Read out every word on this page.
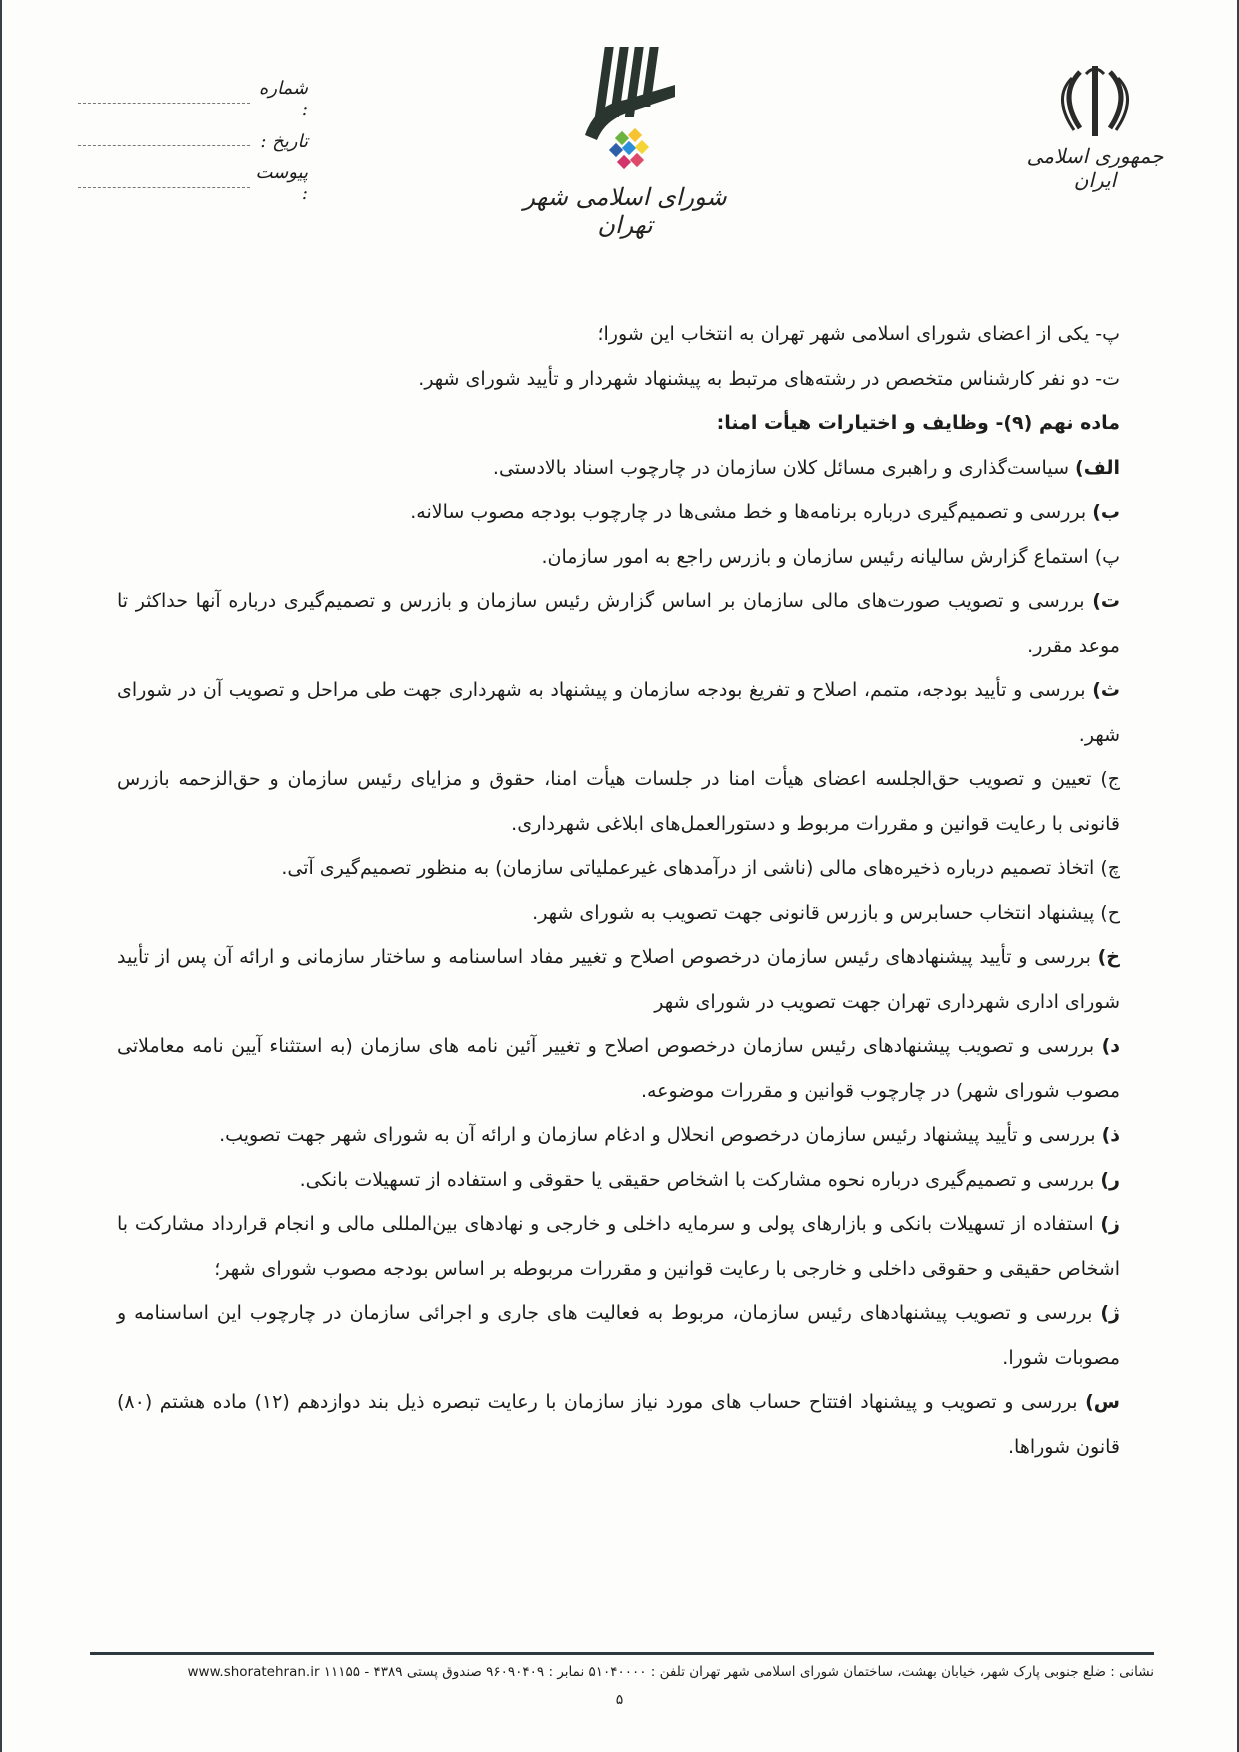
شماره :
تاریخ :
پیوست :	شورای اسلامی شهر تهران
جمهوری اسلامی ایران

پ- یکی از اعضای شورای اسلامی شهر تهران به انتخاب این شورا؛

ت- دو نفر کارشناس متخصص در رشته‌های مرتبط به پیشنهاد شهردار و تأیید شورای شهر.

ماده نهم (۹)- وظایف و اختیارات هیأت امنا:

الف) سیاست‌گذاری و راهبری مسائل کلان سازمان در چارچوب اسناد بالادستی.

ب) بررسی و تصمیم‌گیری درباره برنامه‌ها و خط مشی‌ها در چارچوب بودجه مصوب سالانه.

پ) استماع گزارش سالیانه رئیس سازمان و بازرس راجع به امور سازمان.

ت) بررسی و تصویب صورت‌های مالی سازمان بر اساس گزارش رئیس سازمان و بازرس و تصمیم‌گیری درباره آنها حداکثر تا موعد مقرر.

ث) بررسی و تأیید بودجه، متمم، اصلاح و تفریغ بودجه سازمان و پیشنهاد به شهرداری جهت طی مراحل و تصویب آن در شورای شهر.

ج) تعیین و تصویب حق‌الجلسه اعضای هیأت امنا در جلسات هیأت امنا، حقوق و مزایای رئیس سازمان و حق‌الزحمه بازرس قانونی با رعایت قوانین و مقررات مربوط و دستورالعمل‌های ابلاغی شهرداری.

چ) اتخاذ تصمیم درباره ذخیره‌های مالی (ناشی از درآمدهای غیرعملیاتی سازمان) به منظور تصمیم‌گیری آتی.

ح) پیشنهاد انتخاب حسابرس و بازرس قانونی جهت تصویب به شورای شهر.

خ) بررسی و تأیید پیشنهادهای رئیس سازمان درخصوص اصلاح و تغییر مفاد اساسنامه و ساختار سازمانی و ارائه آن پس از تأیید شورای اداری شهرداری تهران جهت تصویب در شورای شهر

د) بررسی و تصویب پیشنهادهای رئیس سازمان درخصوص اصلاح و تغییر آئین نامه های سازمان (به استثناء آیین نامه معاملاتی مصوب شورای شهر) در چارچوب قوانین و مقررات موضوعه.

ذ) بررسی و تأیید پیشنهاد رئیس سازمان درخصوص انحلال و ادغام سازمان و ارائه آن به شورای شهر جهت تصویب.

ر) بررسی و تصمیم‌گیری درباره نحوه مشارکت با اشخاص حقیقی یا حقوقی و استفاده از تسهیلات بانکی.

ز) استفاده از تسهیلات بانکی و بازارهای پولی و سرمایه داخلی و خارجی و نهادهای بین‌المللی مالی و انجام قرارداد مشارکت با اشخاص حقیقی و حقوقی داخلی و خارجی با رعایت قوانین و مقررات مربوطه بر اساس بودجه مصوب شورای شهر؛

ژ) بررسی و تصویب پیشنهادهای رئیس سازمان، مربوط به فعالیت های جاری و اجرائی سازمان در چارچوب این اساسنامه و مصوبات شورا.

س) بررسی و تصویب و پیشنهاد افتتاح حساب های مورد نیاز سازمان با رعایت تبصره ذیل بند دوازدهم (۱۲) ماده هشتم (۸۰) قانون شوراها.

نشانی : ضلع جنوبی پارک شهر، خیابان بهشت، ساختمان شورای اسلامی شهر تهران تلفن : ۵۱۰۴۰۰۰۰ نمابر : ۹۶۰۹۰۴۰۹ صندوق پستی ۴۳۸۹ - ۱۱۱۵۵ www.shoratehran.ir
۵
